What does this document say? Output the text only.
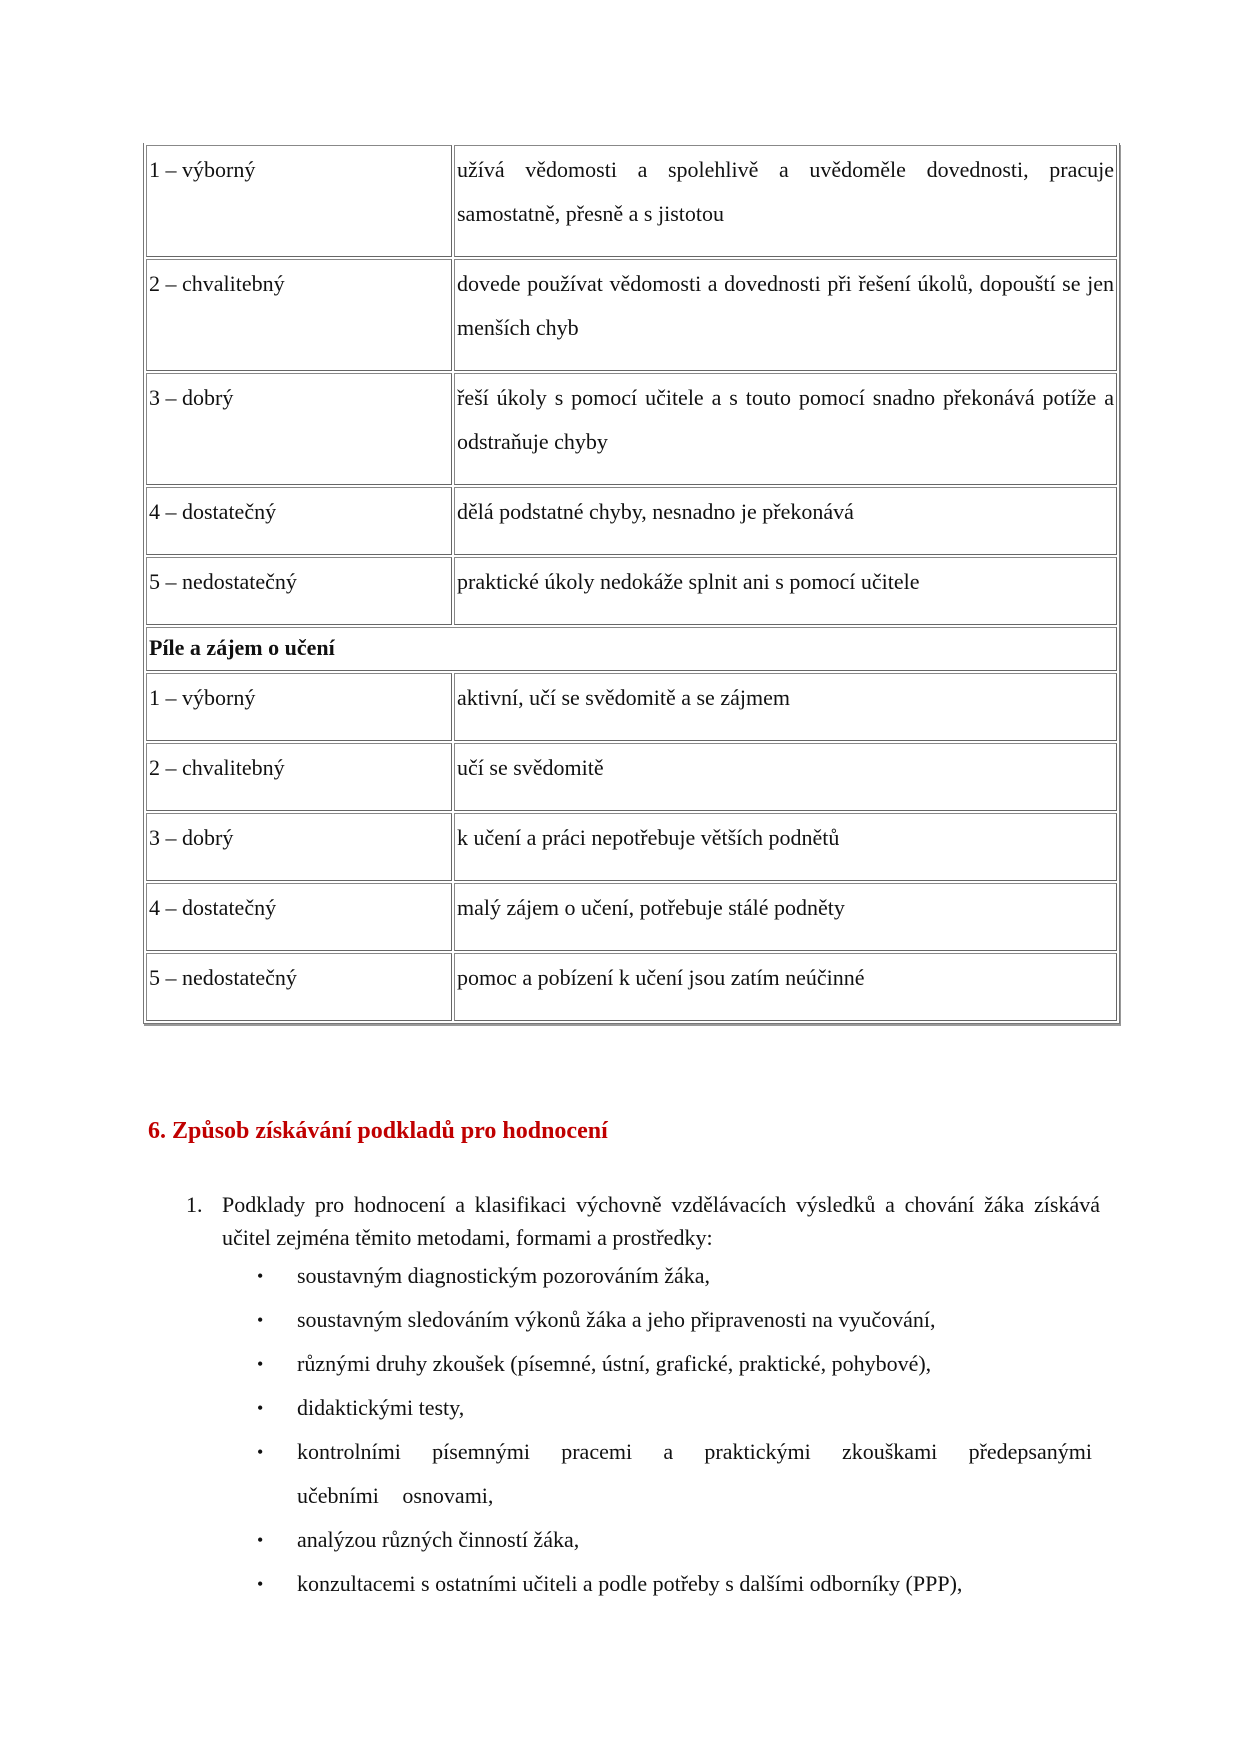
1 – výborný	užívá vědomosti a spolehlivě a uvědoměle dovednosti, pracuje samostatně, přesně a s jistotou
2 – chvalitebný	dovede používat vědomosti a dovednosti při řešení úkolů, dopouští se jen menších chyb
3 – dobrý	řeší úkoly s pomocí učitele a s touto pomocí snadno překonává potíže a odstraňuje chyby
4 – dostatečný	dělá podstatné chyby, nesnadno je překonává
5 – nedostatečný	praktické úkoly nedokáže splnit ani s pomocí učitele
Píle a zájem o učení	
1 – výborný	aktivní, učí se svědomitě a se zájmem
2 – chvalitebný	učí se svědomitě
3 – dobrý	k učení a práci nepotřebuje větších podnětů
4 – dostatečný	malý zájem o učení, potřebuje stálé podněty
5 – nedostatečný	pomoc a pobízení k učení jsou zatím neúčinné
6. Způsob získávání podkladů pro hodnocení
1. Podklady pro hodnocení a klasifikaci výchovně vzdělávacích výsledků a chování žáka získává učitel zejména těmito metodami, formami a prostředky:
• soustavným diagnostickým pozorováním žáka,
• soustavným sledováním výkonů žáka a jeho připravenosti na vyučování,
• různými druhy zkoušek (písemné, ústní, grafické, praktické, pohybové),
• didaktickými testy,
• kontrolními písemnými pracemi a praktickými zkouškami předepsanými učebními osnovami,
• analýzou různých činností žáka,
• konzultacemi s ostatními učiteli a podle potřeby s dalšími odborníky (PPP),
